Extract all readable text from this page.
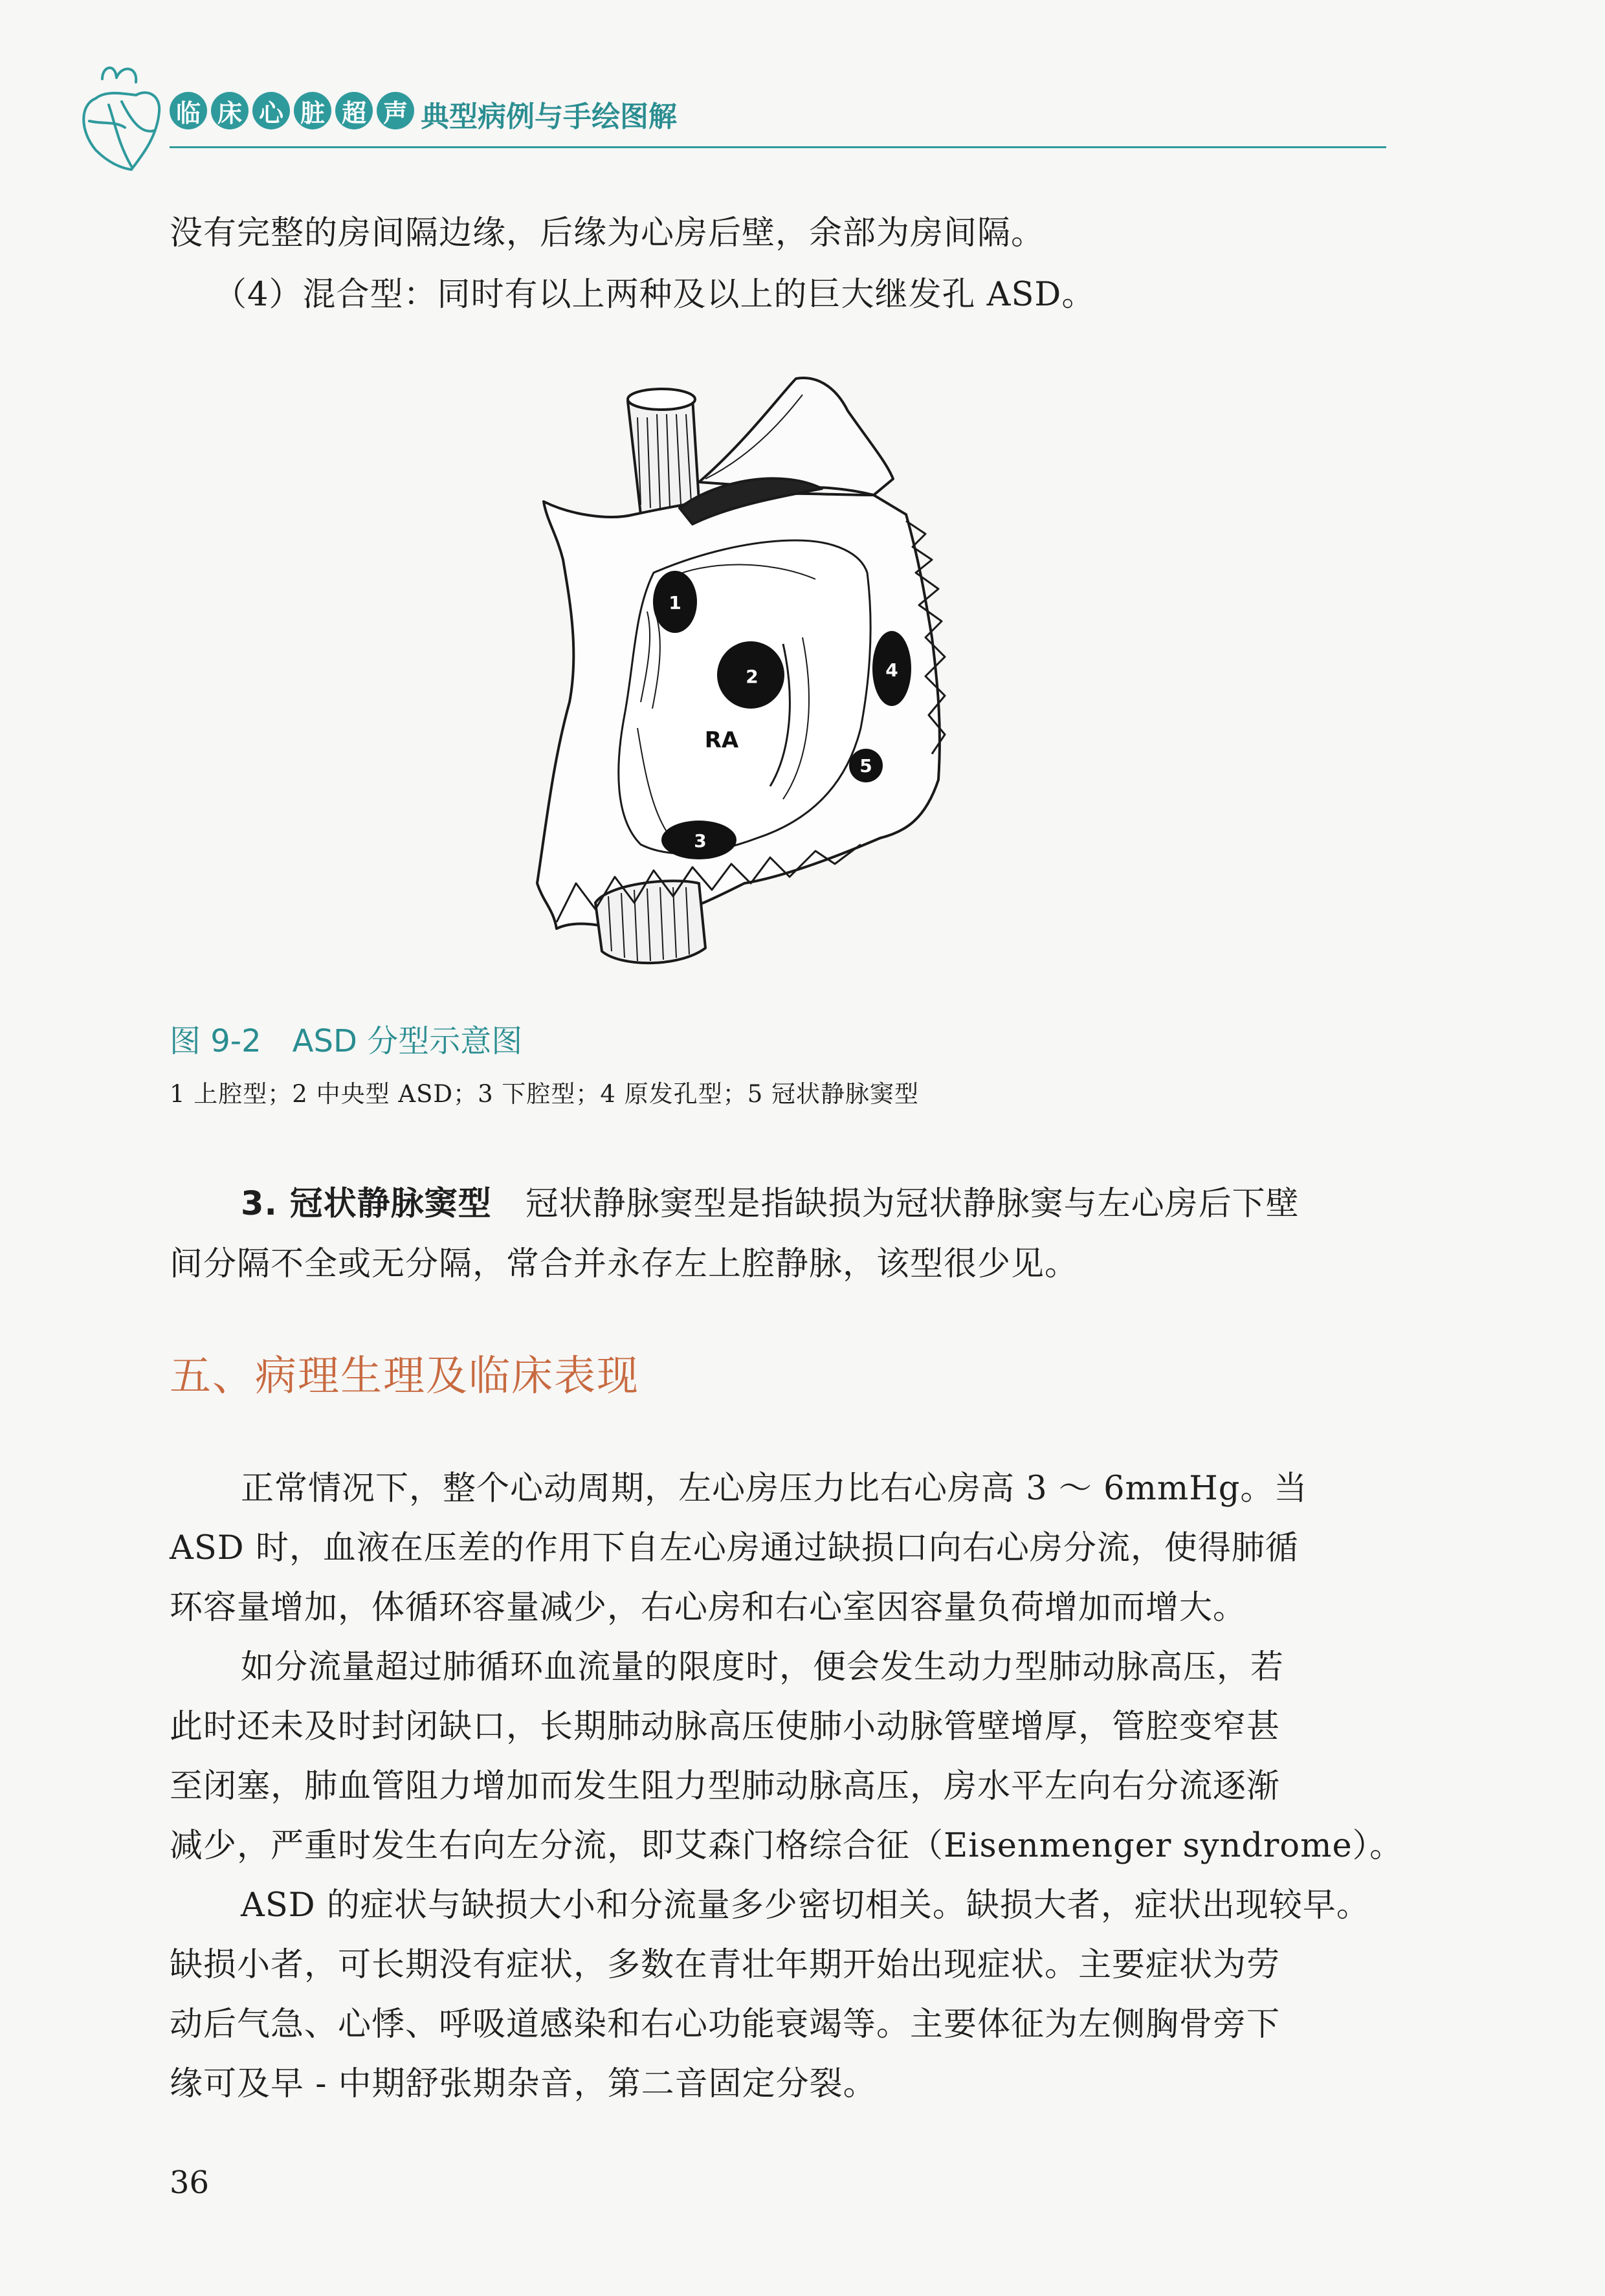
临 床 心 脏 超 声 典型病例与手绘图解
没有完整的房间隔边缘，后缘为心房后壁，余部为房间隔。
（4）混合型：同时有以上两种及以上的巨大继发孔 ASD。
1
2
3
4
5
RA
图 9-2 ASD 分型示意图
1 上腔型；2 中央型 ASD；3 下腔型；4 原发孔型；5 冠状静脉窦型
3. 冠状静脉窦型 冠状静脉窦型是指缺损为冠状静脉窦与左心房后下壁
间分隔不全或无分隔，常合并永存左上腔静脉，该型很少见。
五、病理生理及临床表现
正常情况下，整个心动周期，左心房压力比右心房高 3 ～ 6mmHg。当
ASD 时，血液在压差的作用下自左心房通过缺损口向右心房分流，使得肺循
环容量增加，体循环容量减少，右心房和右心室因容量负荷增加而增大。
如分流量超过肺循环血流量的限度时，便会发生动力型肺动脉高压，若
此时还未及时封闭缺口，长期肺动脉高压使肺小动脉管壁增厚，管腔变窄甚
至闭塞，肺血管阻力增加而发生阻力型肺动脉高压，房水平左向右分流逐渐
减少，严重时发生右向左分流，即艾森门格综合征（Eisenmenger syndrome）。
ASD 的症状与缺损大小和分流量多少密切相关。缺损大者，症状出现较早。
缺损小者，可长期没有症状，多数在青壮年期开始出现症状。主要症状为劳
动后气急、心悸、呼吸道感染和右心功能衰竭等。主要体征为左侧胸骨旁下
缘可及早 - 中期舒张期杂音，第二音固定分裂。
36
